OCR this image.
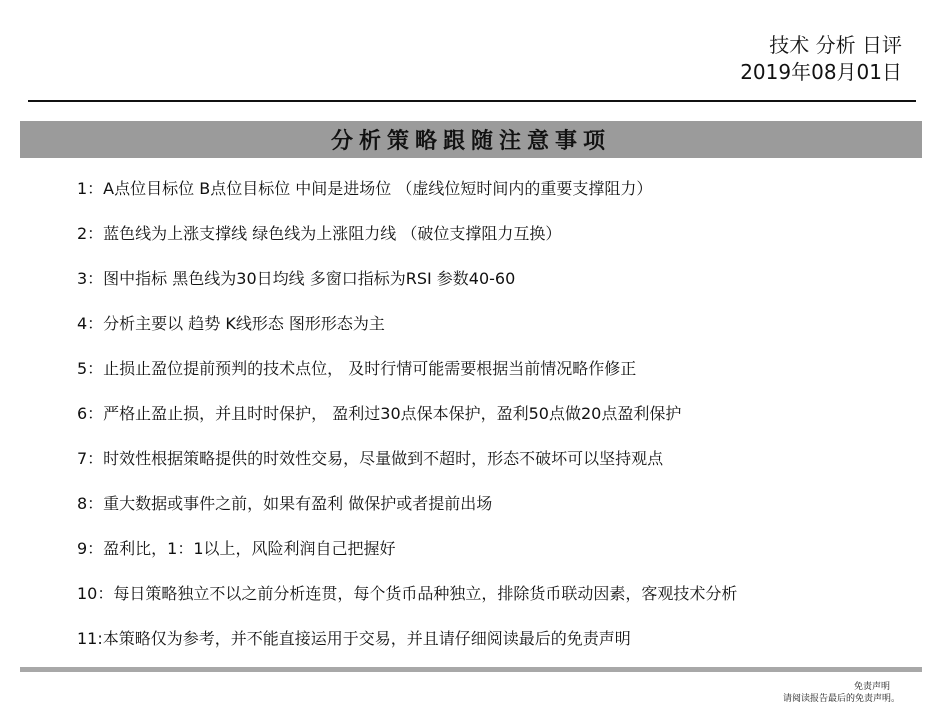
技术 分析 日评
2019年08月01日
分析策略跟随注意事项
1：A点位目标位 B点位目标位 中间是进场位 （虚线位短时间内的重要支撑阻力）
2：蓝色线为上涨支撑线 绿色线为上涨阻力线 （破位支撑阻力互换）
3：图中指标 黑色线为30日均线 多窗口指标为RSI 参数40-60
4：分析主要以 趋势 K线形态 图形形态为主
5：止损止盈位提前预判的技术点位， 及时行情可能需要根据当前情况略作修正
6：严格止盈止损，并且时时保护， 盈利过30点保本保护，盈利50点做20点盈利保护
7：时效性根据策略提供的时效性交易，尽量做到不超时，形态不破坏可以坚持观点
8：重大数据或事件之前，如果有盈利 做保护或者提前出场
9：盈利比，1：1以上，风险利润自己把握好
10：每日策略独立不以之前分析连贯，每个货币品种独立，排除货币联动因素，客观技术分析
11:本策略仅为参考，并不能直接运用于交易，并且请仔细阅读最后的免责声明
免责声明
请阅读报告最后的免责声明。
